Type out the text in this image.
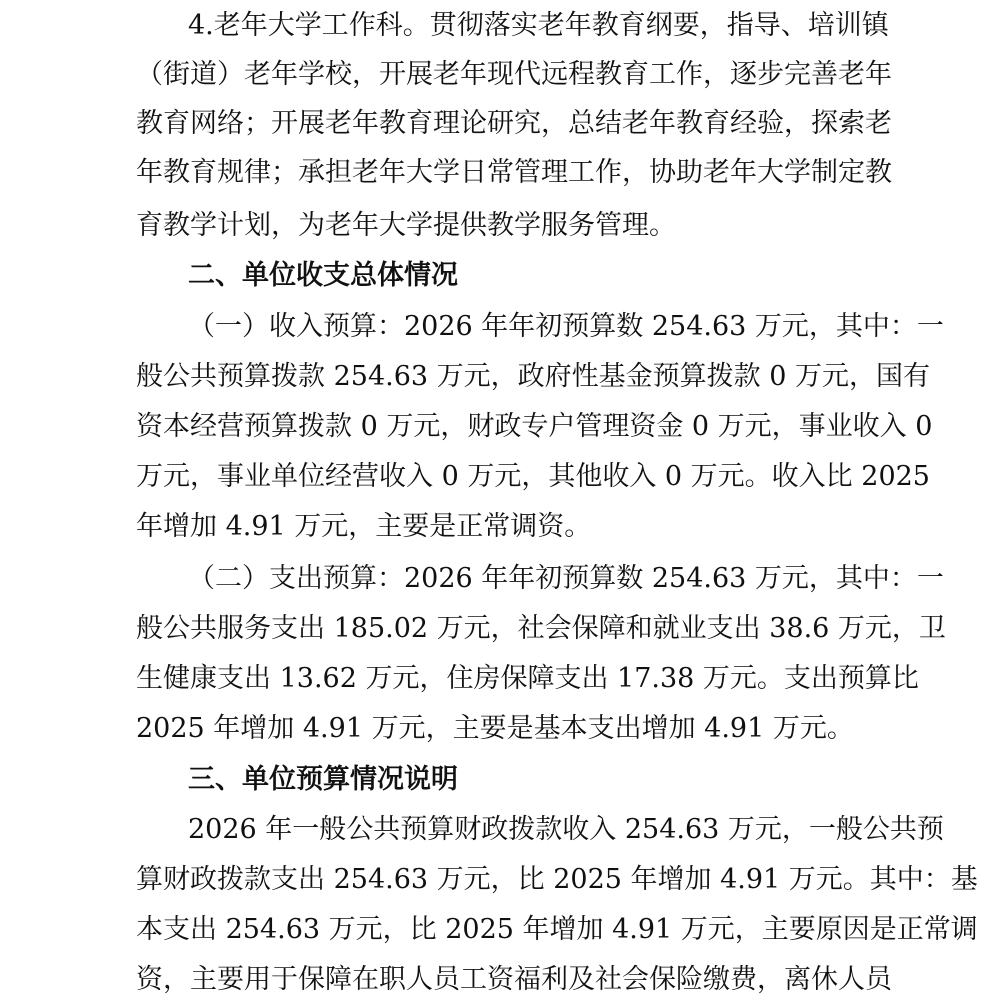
4.老年大学工作科。贯彻落实老年教育纲要，指导、培训镇
（街道）老年学校，开展老年现代远程教育工作，逐步完善老年
教育网络；开展老年教育理论研究，总结老年教育经验，探索老
年教育规律；承担老年大学日常管理工作，协助老年大学制定教
育教学计划，为老年大学提供教学服务管理。
二、单位收支总体情况
（一）收入预算：2026 年年初预算数 254.63 万元，其中：一
般公共预算拨款 254.63 万元，政府性基金预算拨款 0 万元，国有
资本经营预算拨款 0 万元，财政专户管理资金 0 万元，事业收入 0
万元，事业单位经营收入 0 万元，其他收入 0 万元。收入比 2025
年增加 4.91 万元，主要是正常调资。
（二）支出预算：2026 年年初预算数 254.63 万元，其中：一
般公共服务支出 185.02 万元，社会保障和就业支出 38.6 万元，卫
生健康支出 13.62 万元，住房保障支出 17.38 万元。支出预算比
2025 年增加 4.91 万元，主要是基本支出增加 4.91 万元。
三、单位预算情况说明
2026 年一般公共预算财政拨款收入 254.63 万元，一般公共预
算财政拨款支出 254.63 万元，比 2025 年增加 4.91 万元。其中：基
本支出 254.63 万元，比 2025 年增加 4.91 万元，主要原因是正常调
资，主要用于保障在职人员工资福利及社会保险缴费，离休人员
